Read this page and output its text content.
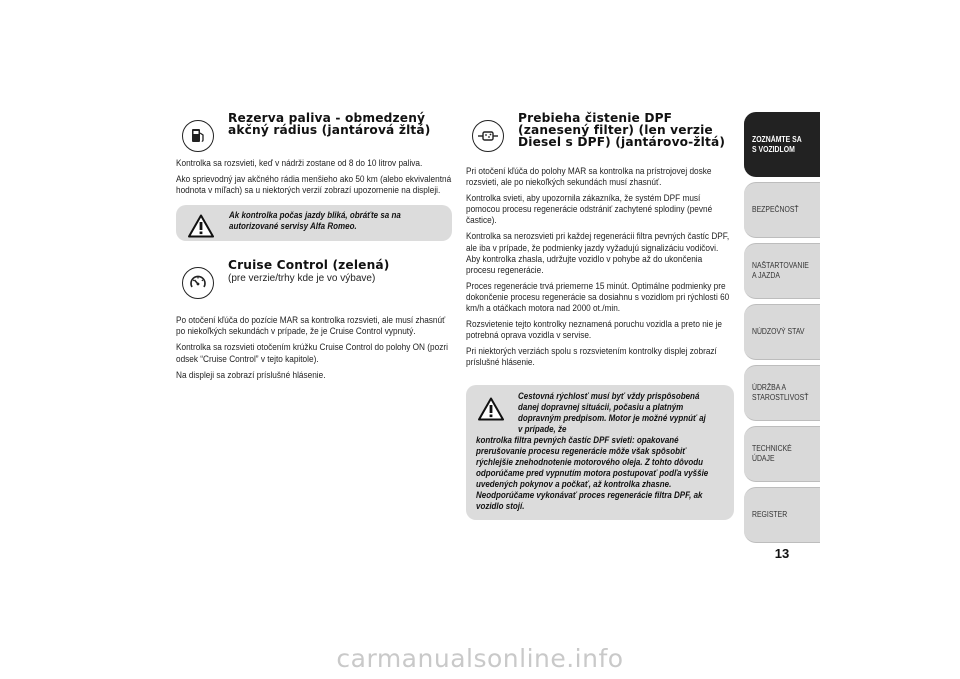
Rezerva paliva - obmedzený akčný rádius (jantárová žltá)

Kontrolka sa rozsvieti, keď v nádrži zostane od 8 do 10 litrov paliva.

Ako sprievodný jav akčného rádia menšieho ako 50 km (alebo ekvivalentná hodnota v míľach) sa u niektorých verzií zobrazí upozornenie na displeji.

Ak kontrolka počas jazdy bliká, obráťte sa na autorizované servisy Alfa Romeo.
Cruise Control (zelená)
(pre verzie/trhy kde je vo výbave)

Po otočení kľúča do pozície MAR sa kontrolka rozsvieti, ale musí zhasnúť po niekoľkých sekundách v prípade, že je Cruise Control vypnutý.

Kontrolka sa rozsvieti otočením krúžku Cruise Control do polohy ON (pozri odsek “Cruise Control” v tejto kapitole).

Na displeji sa zobrazí príslušné hlásenie.

Prebieha čistenie DPF (zanesený filter) (len verzie Diesel s DPF) (jantárovo-žltá)

Pri otočení kľúča do polohy MAR sa kontrolka na prístrojovej doske rozsvieti, ale po niekoľkých sekundách musí zhasnúť.

Kontrolka svieti, aby upozornila zákazníka, že systém DPF musí pomocou procesu regenerácie odstrániť zachytené splodiny (pevné častice).

Kontrolka sa nerozsvieti pri každej regenerácii filtra pevných častíc DPF, ale iba v prípade, že podmienky jazdy vyžadujú signalizáciu vodičovi. Aby kontrolka zhasla, udržujte vozidlo v pohybe až do ukončenia procesu regenerácie.

Proces regenerácie trvá priemerne 15 minút. Optimálne podmienky pre dokončenie procesu regenerácie sa dosiahnu s vozidlom pri rýchlosti 60 km/h a otáčkach motora nad 2000 ot./min.

Rozsvietenie tejto kontrolky neznamená poruchu vozidla a preto nie je potrebná oprava vozidla v servise.

Pri niektorých verziách spolu s rozsvietením kontrolky displej zobrazí príslušné hlásenie.

Cestovná rýchlosť musí byť vždy prispôsobená danej dopravnej situácii, počasiu a platným dopravným predpisom. Motor je možné vypnúť aj v prípade, že
kontrolka filtra pevných častíc DPF svieti: opakované prerušovanie procesu regenerácie môže však spôsobiť rýchlejšie znehodnotenie motorového oleja. Z tohto dôvodu odporúčame pred vypnutím motora postupovať podľa vyššie uvedených pokynov a počkať, až kontrolka zhasne. Neodporúčame vykonávať proces regenerácie filtra DPF, ak vozidlo stojí.
ZOZNÁMTE SA S VOZIDLOM
BEZPEČNOSŤ
NAŠTARTOVANIE A JAZDA
NÚDZOVÝ STAV
ÚDRŽBA A STAROSTLIVOSŤ
TECHNICKÉ ÚDAJE
REGISTER
13
carmanualsonline.info
